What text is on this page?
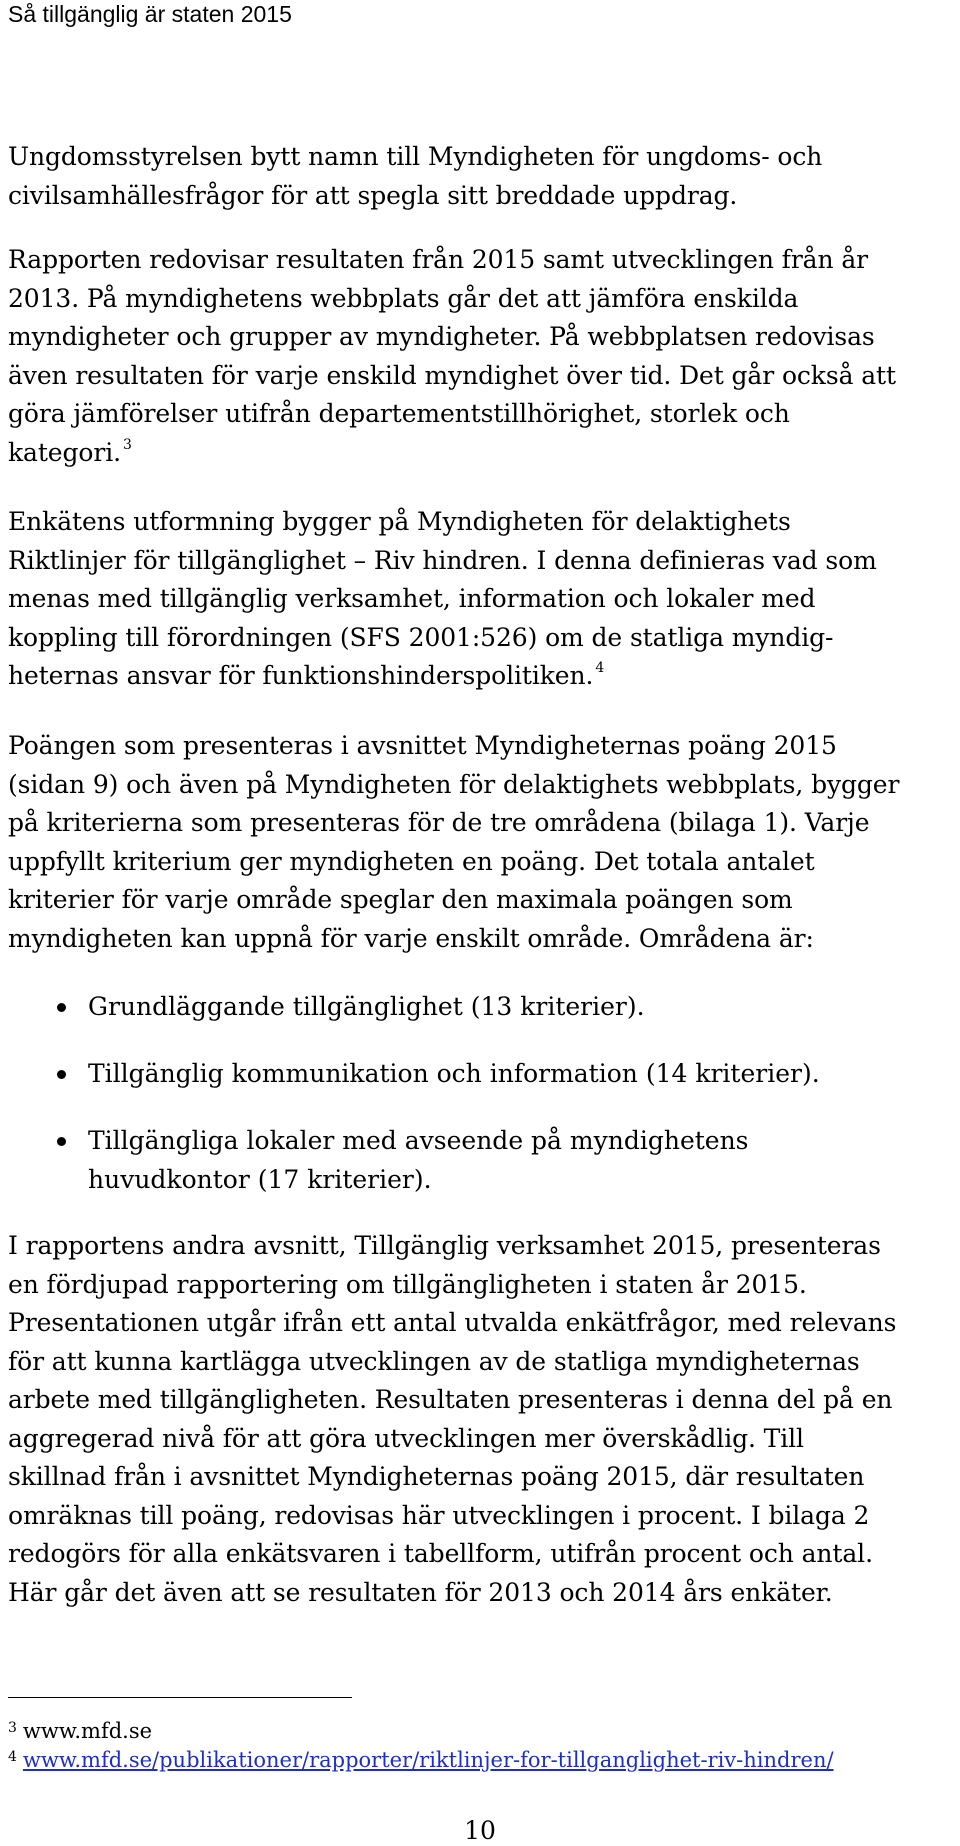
Så tillgänglig är staten 2015

Ungdomsstyrelsen bytt namn till Myndigheten för ungdoms- och
civilsamhällesfrågor för att spegla sitt breddade uppdrag.

Rapporten redovisar resultaten från 2015 samt utvecklingen från år
2013. På myndighetens webbplats går det att jämföra enskilda
myndigheter och grupper av myndigheter. På webbplatsen redovisas
även resultaten för varje enskild myndighet över tid. Det går också att
göra jämförelser utifrån departementstillhörighet, storlek och
kategori. $^3$

Enkätens utformning bygger på Myndigheten för delaktighets
Riktlinjer för tillgänglighet – Riv hindren. I denna definieras vad som
menas med tillgänglig verksamhet, information och lokaler med
koppling till förordningen (SFS 2001:526) om de statliga myndig-
heternas ansvar för funktionshinderspolitiken. $^4$

Poängen som presenteras i avsnittet Myndigheternas poäng 2015
(sidan 9) och även på Myndigheten för delaktighets webbplats, bygger
på kriterierna som presenteras för de tre områdena (bilaga 1). Varje
uppfyllt kriterium ger myndigheten en poäng. Det totala antalet
kriterier för varje område speglar den maximala poängen som
myndigheten kan uppnå för varje enskilt område. Områdena är:

Grundläggande tillgänglighet (13 kriterier).
Tillgänglig kommunikation och information (14 kriterier).
Tillgängliga lokaler med avseende på myndighetens
huvudkontor (17 kriterier).

I rapportens andra avsnitt, Tillgänglig verksamhet 2015, presenteras
en fördjupad rapportering om tillgängligheten i staten år 2015.
Presentationen utgår ifrån ett antal utvalda enkätfrågor, med relevans
för att kunna kartlägga utvecklingen av de statliga myndigheternas
arbete med tillgängligheten. Resultaten presenteras i denna del på en
aggregerad nivå för att göra utvecklingen mer överskådlig. Till
skillnad från i avsnittet Myndigheternas poäng 2015, där resultaten
omräknas till poäng, redovisas här utvecklingen i procent. I bilaga 2
redogörs för alla enkätsvaren i tabellform, utifrån procent och antal.
Här går det även att se resultaten för 2013 och 2014 års enkäter.

$^3$ www.mfd.se
$^4$ www.mfd.se/publikationer/rapporter/riktlinjer-for-tillganglighet-riv-hindren/
10
